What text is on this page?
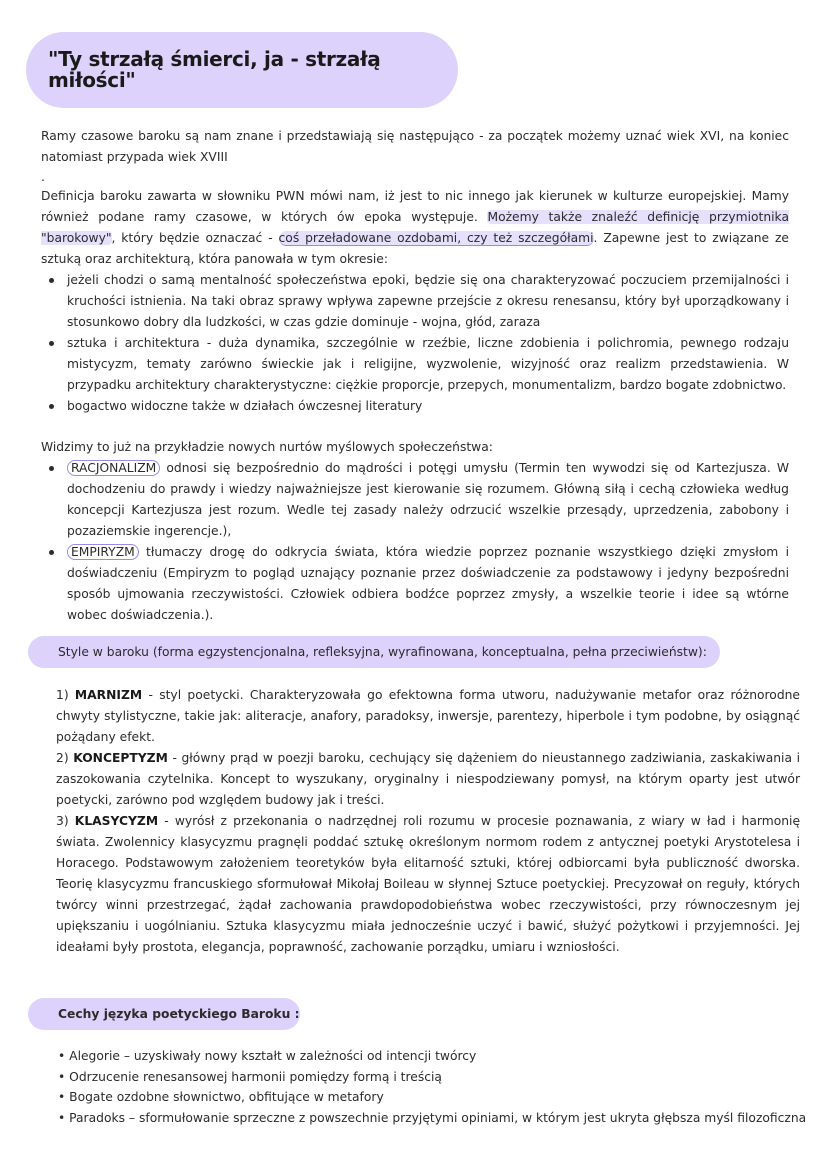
"Ty strzałą śmierci, ja - strzałą miłości"

Ramy czasowe baroku są nam znane i przedstawiają się następująco - za początek możemy uznać wiek XVI, na koniec natomiast przypada wiek XVIII

.

Definicja baroku zawarta w słowniku PWN mówi nam, iż jest to nic innego jak kierunek w kulturze europejskiej. Mamy również podane ramy czasowe, w których ów epoka występuje. Możemy także znaleźć definicję przymiotnika "barokowy", który będzie oznaczać - coś przeładowane ozdobami, czy też szczegółami. Zapewne jest to związane ze sztuką oraz architekturą, która panowała w tym okresie:

jeżeli chodzi o samą mentalność społeczeństwa epoki, będzie się ona charakteryzować poczuciem przemijalności i kruchości istnienia. Na taki obraz sprawy wpływa zapewne przejście z okresu renesansu, który był uporządkowany i stosunkowo dobry dla ludzkości, w czas gdzie dominuje - wojna, głód, zaraza
sztuka i architektura - duża dynamika, szczególnie w rzeźbie, liczne zdobienia i polichromia, pewnego rodzaju mistycyzm, tematy zarówno świeckie jak i religijne, wyzwolenie, wizyjność oraz realizm przedstawienia. W przypadku architektury charakterystyczne: ciężkie proporcje, przepych, monumentalizm, bardzo bogate zdobnictwo.
bogactwo widoczne także w działach ówczesnej literatury

Widzimy to już na przykładzie nowych nurtów myślowych społeczeństwa:

RACJONALIZM odnosi się bezpośrednio do mądrości i potęgi umysłu (Termin ten wywodzi się od Kartezjusza. W dochodzeniu do prawdy i wiedzy najważniejsze jest kierowanie się rozumem. Główną siłą i cechą człowieka według koncepcji Kartezjusza jest rozum. Wedle tej zasady należy odrzucić wszelkie przesądy, uprzedzenia, zabobony i pozaziemskie ingerencje.),
EMPIRYZM tłumaczy drogę do odkrycia świata, która wiedzie poprzez poznanie wszystkiego dzięki zmysłom i doświadczeniu (Empiryzm to pogląd uznający poznanie przez doświadczenie za podstawowy i jedyny bezpośredni sposób ujmowania rzeczywistości. Człowiek odbiera bodźce poprzez zmysły, a wszelkie teorie i idee są wtórne wobec doświadczenia.).
Style w baroku (forma egzystencjonalna, refleksyjna, wyrafinowana, konceptualna, pełna przeciwieństw):

1) MARNIZM - styl poetycki. Charakteryzowała go efektowna forma utworu, nadużywanie metafor oraz różnorodne chwyty stylistyczne, takie jak: aliteracje, anafory, paradoksy, inwersje, parentezy, hiperbole i tym podobne, by osiągnąć pożądany efekt.

2) KONCEPTYZM - główny prąd w poezji baroku, cechujący się dążeniem do nieustannego zadziwiania, zaskakiwania i zaszokowania czytelnika. Koncept to wyszukany, oryginalny i niespodziewany pomysł, na którym oparty jest utwór poetycki, zarówno pod względem budowy jak i treści.

3) KLASYCYZM - wyrósł z przekonania o nadrzędnej roli rozumu w procesie poznawania, z wiary w ład i harmonię świata. Zwolennicy klasycyzmu pragnęli poddać sztukę określonym normom rodem z antycznej poetyki Arystotelesa i Horacego. Podstawowym założeniem teoretyków była elitarność sztuki, której odbiorcami była publiczność dworska. Teorię klasycyzmu francuskiego sformułował Mikołaj Boileau w słynnej Sztuce poetyckiej. Precyzował on reguły, których twórcy winni przestrzegać, żądał zachowania prawdopodobieństwa wobec rzeczywistości, przy równoczesnym jej upiększaniu i uogólnianiu. Sztuka klasycyzmu miała jednocześnie uczyć i bawić, służyć pożytkowi i przyjemności. Jej ideałami były prostota, elegancja, poprawność, zachowanie porządku, umiaru i wzniosłości.

Cechy języka poetyckiego Baroku :
• Alegorie – uzyskiwały nowy kształt w zależności od intencji twórcy
• Odrzucenie renesansowej harmonii pomiędzy formą i treścią
• Bogate ozdobne słownictwo, obfitujące w metafory
• Paradoks – sformułowanie sprzeczne z powszechnie przyjętymi opiniami, w którym jest ukryta głębsza myśl filozoficzna
